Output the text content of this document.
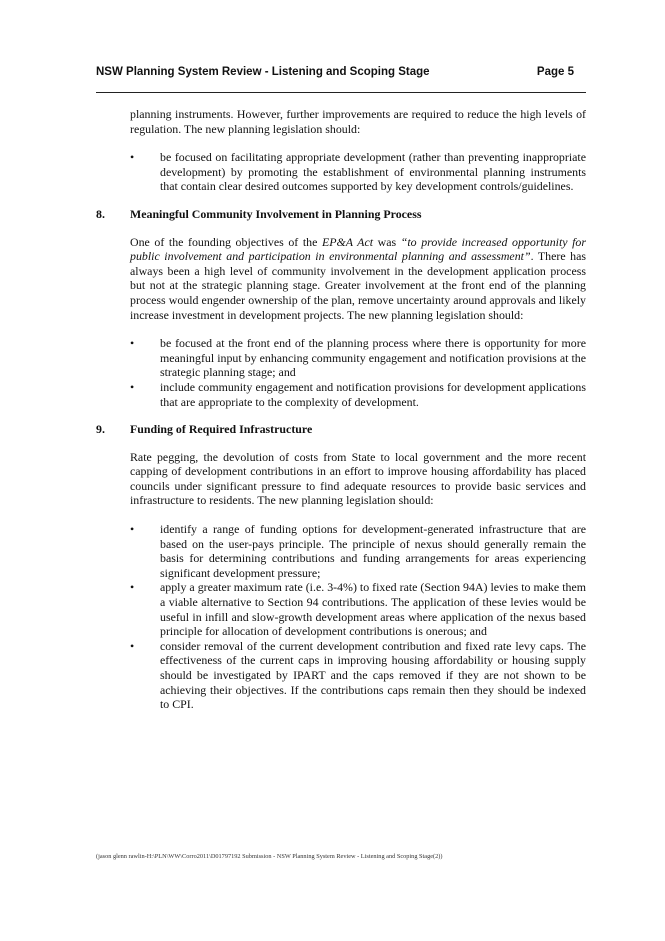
NSW Planning System Review - Listening and Scoping Stage	Page 5

planning instruments. However, further improvements are required to reduce the high levels of regulation. The new planning legislation should:

• be focused on facilitating appropriate development (rather than preventing inappropriate development) by promoting the establishment of environmental planning instruments that contain clear desired outcomes supported by key development controls/guidelines.
8. Meaningful Community Involvement in Planning Process

One of the founding objectives of the EP&A Act was “to provide increased opportunity for public involvement and participation in environmental planning and assessment”. There has always been a high level of community involvement in the development application process but not at the strategic planning stage. Greater involvement at the front end of the planning process would engender ownership of the plan, remove uncertainty around approvals and likely increase investment in development projects. The new planning legislation should:

• be focused at the front end of the planning process where there is opportunity for more meaningful input by enhancing community engagement and notification provisions at the strategic planning stage; and
• include community engagement and notification provisions for development applications that are appropriate to the complexity of development.
9. Funding of Required Infrastructure

Rate pegging, the devolution of costs from State to local government and the more recent capping of development contributions in an effort to improve housing affordability has placed councils under significant pressure to find adequate resources to provide basic services and infrastructure to residents. The new planning legislation should:

• identify a range of funding options for development-generated infrastructure that are based on the user-pays principle. The principle of nexus should generally remain the basis for determining contributions and funding arrangements for areas experiencing significant development pressure;
• apply a greater maximum rate (i.e. 3-4%) to fixed rate (Section 94A) levies to make them a viable alternative to Section 94 contributions. The application of these levies would be useful in infill and slow-growth development areas where application of the nexus based principle for allocation of development contributions is onerous; and
• consider removal of the current development contribution and fixed rate levy caps. The effectiveness of the current caps in improving housing affordability or housing supply should be investigated by IPART and the caps removed if they are not shown to be achieving their objectives. If the contributions caps remain then they should be indexed to CPI.
(jason glenn rawlin-H:\PLN\WW\Corro2011\D01797192 Submission - NSW Planning System Review - Listening and Scoping Stage(2))
